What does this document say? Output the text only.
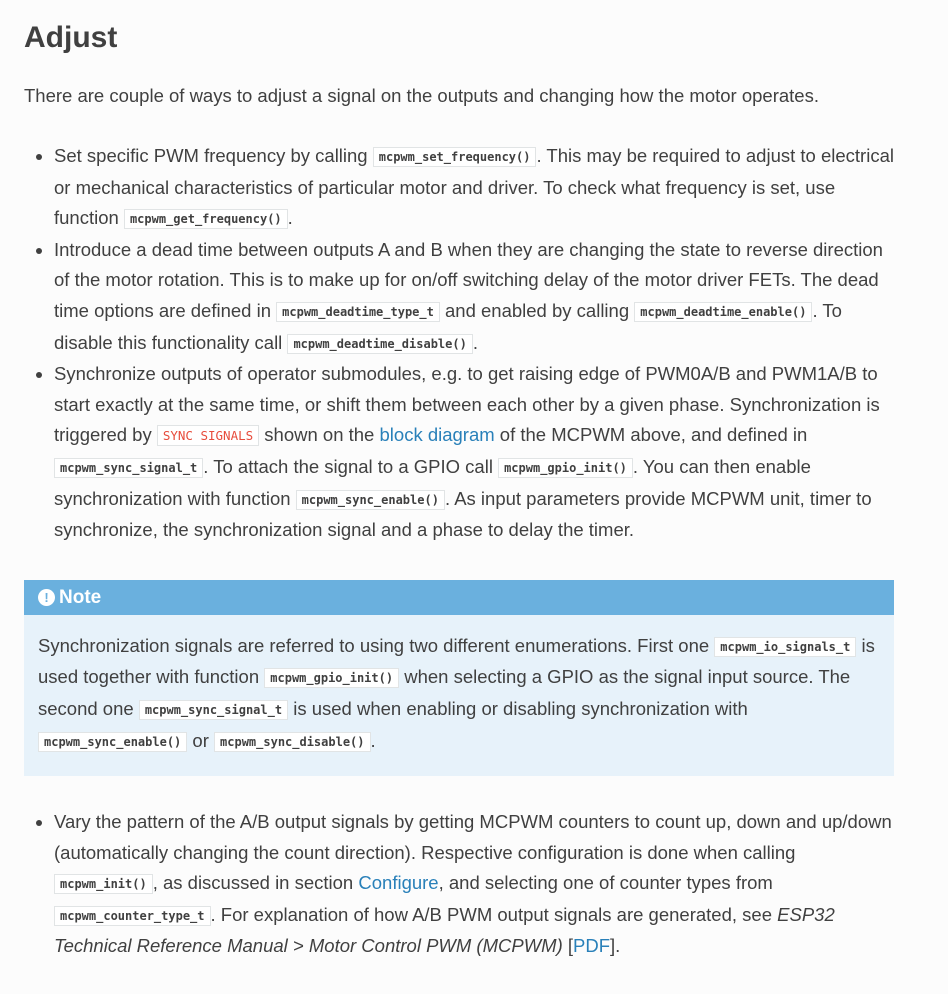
Adjust

There are couple of ways to adjust a signal on the outputs and changing how the motor operates.

• Set specific PWM frequency by calling mcpwm_set_frequency() . This may be required to adjust to electrical or mechanical characteristics of particular motor and driver. To check what frequency is set, use function mcpwm_get_frequency() .
• Introduce a dead time between outputs A and B when they are changing the state to reverse direction of the motor rotation. This is to make up for on/off switching delay of the motor driver FETs. The dead time options are defined in mcpwm_deadtime_type_t and enabled by calling mcpwm_deadtime_enable() . To disable this functionality call mcpwm_deadtime_disable() .
• Synchronize outputs of operator submodules, e.g. to get raising edge of PWM0A/B and PWM1A/B to start exactly at the same time, or shift them between each other by a given phase. Synchronization is triggered by SYNC SIGNALS shown on the block diagram of the MCPWM above, and defined in mcpwm_sync_signal_t . To attach the signal to a GPIO call mcpwm_gpio_init() . You can then enable synchronization with function mcpwm_sync_enable() . As input parameters provide MCPWM unit, timer to synchronize, the synchronization signal and a phase to delay the timer.
! Note
Synchronization signals are referred to using two different enumerations. First one mcpwm_io_signals_t is used together with function mcpwm_gpio_init() when selecting a GPIO as the signal input source. The second one mcpwm_sync_signal_t is used when enabling or disabling synchronization with mcpwm_sync_enable() or mcpwm_sync_disable() .
• Vary the pattern of the A/B output signals by getting MCPWM counters to count up, down and up/down (automatically changing the count direction). Respective configuration is done when calling mcpwm_init() , as discussed in section Configure, and selecting one of counter types from mcpwm_counter_type_t . For explanation of how A/B PWM output signals are generated, see ESP32 Technical Reference Manual > Motor Control PWM (MCPWM) [PDF].
